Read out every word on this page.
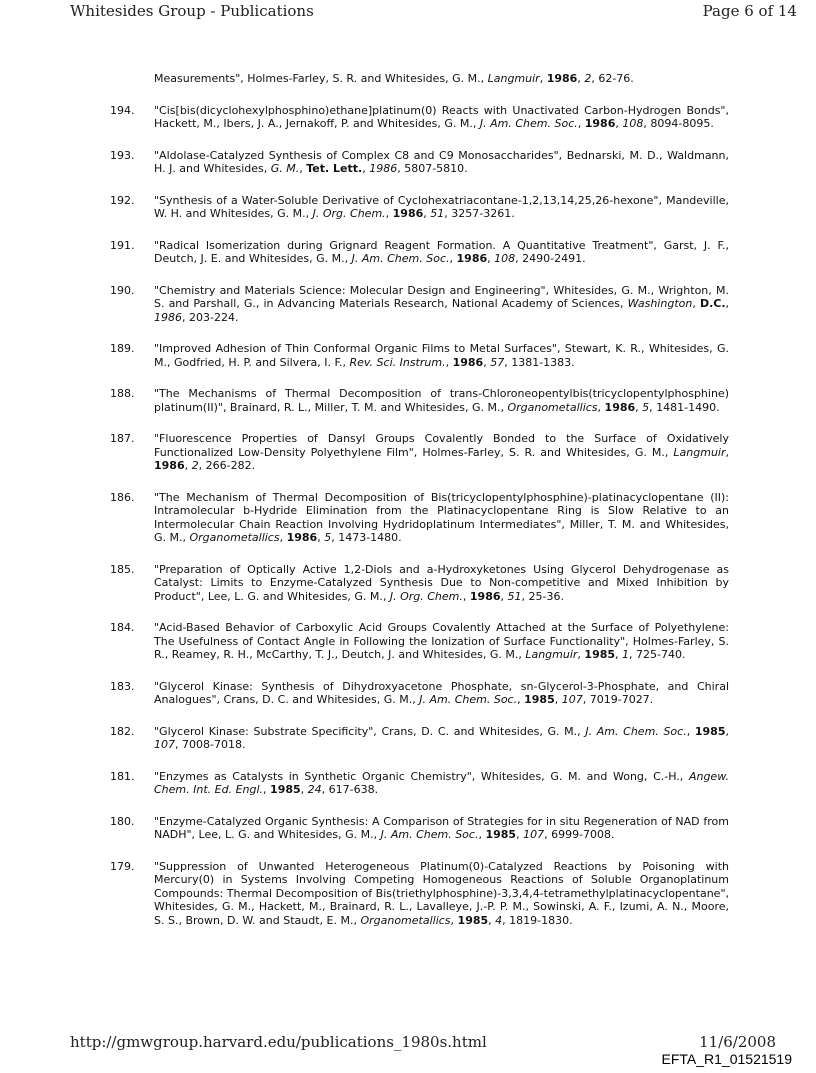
Whitesides Group - Publications	Page 6 of 14
Measurements", Holmes-Farley, S. R. and Whitesides, G. M., Langmuir, 1986, 2, 62-76.
194. "Cis[bis(dicyclohexylphosphino)ethane]platinum(0) Reacts with Unactivated Carbon-Hydrogen Bonds", Hackett, M., Ibers, J. A., Jernakoff, P. and Whitesides, G. M., J. Am. Chem. Soc., 1986, 108, 8094-8095.
193. "Aldolase-Catalyzed Synthesis of Complex C8 and C9 Monosaccharides", Bednarski, M. D., Waldmann, H. J. and Whitesides, G. M., Tet. Lett., 1986, 5807-5810.
192. "Synthesis of a Water-Soluble Derivative of Cyclohexatriacontane-1,2,13,14,25,26-hexone", Mandeville, W. H. and Whitesides, G. M., J. Org. Chem., 1986, 51, 3257-3261.
191. "Radical Isomerization during Grignard Reagent Formation. A Quantitative Treatment", Garst, J. F., Deutch, J. E. and Whitesides, G. M., J. Am. Chem. Soc., 1986, 108, 2490-2491.
190. "Chemistry and Materials Science: Molecular Design and Engineering", Whitesides, G. M., Wrighton, M. S. and Parshall, G., in Advancing Materials Research, National Academy of Sciences, Washington, D.C., 1986, 203-224.
189. "Improved Adhesion of Thin Conformal Organic Films to Metal Surfaces", Stewart, K. R., Whitesides, G. M., Godfried, H. P. and Silvera, I. F., Rev. Sci. Instrum., 1986, 57, 1381-1383.
188. "The Mechanisms of Thermal Decomposition of trans-Chloroneopentylbis(tricyclopentylphosphine) platinum(II)", Brainard, R. L., Miller, T. M. and Whitesides, G. M., Organometallics, 1986, 5, 1481-1490.
187. "Fluorescence Properties of Dansyl Groups Covalently Bonded to the Surface of Oxidatively Functionalized Low-Density Polyethylene Film", Holmes-Farley, S. R. and Whitesides, G. M., Langmuir, 1986, 2, 266-282.
186. "The Mechanism of Thermal Decomposition of Bis(tricyclopentylphosphine)-platinacyclopentane (II): Intramolecular b-Hydride Elimination from the Platinacyclopentane Ring is Slow Relative to an Intermolecular Chain Reaction Involving Hydridoplatinum Intermediates", Miller, T. M. and Whitesides, G. M., Organometallics, 1986, 5, 1473-1480.
185. "Preparation of Optically Active 1,2-Diols and a-Hydroxyketones Using Glycerol Dehydrogenase as Catalyst: Limits to Enzyme-Catalyzed Synthesis Due to Non-competitive and Mixed Inhibition by Product", Lee, L. G. and Whitesides, G. M., J. Org. Chem., 1986, 51, 25-36.
184. "Acid-Based Behavior of Carboxylic Acid Groups Covalently Attached at the Surface of Polyethylene: The Usefulness of Contact Angle in Following the Ionization of Surface Functionality", Holmes-Farley, S. R., Reamey, R. H., McCarthy, T. J., Deutch, J. and Whitesides, G. M., Langmuir, 1985, 1, 725-740.
183. "Glycerol Kinase: Synthesis of Dihydroxyacetone Phosphate, sn-Glycerol-3-Phosphate, and Chiral Analogues", Crans, D. C. and Whitesides, G. M., J. Am. Chem. Soc., 1985, 107, 7019-7027.
182. "Glycerol Kinase: Substrate Specificity", Crans, D. C. and Whitesides, G. M., J. Am. Chem. Soc., 1985, 107, 7008-7018.
181. "Enzymes as Catalysts in Synthetic Organic Chemistry", Whitesides, G. M. and Wong, C.-H., Angew. Chem. Int. Ed. Engl., 1985, 24, 617-638.
180. "Enzyme-Catalyzed Organic Synthesis: A Comparison of Strategies for in situ Regeneration of NAD from NADH", Lee, L. G. and Whitesides, G. M., J. Am. Chem. Soc., 1985, 107, 6999-7008.
179. "Suppression of Unwanted Heterogeneous Platinum(0)-Catalyzed Reactions by Poisoning with Mercury(0) in Systems Involving Competing Homogeneous Reactions of Soluble Organoplatinum Compounds: Thermal Decomposition of Bis(triethylphosphine)-3,3,4,4-tetramethylplatinacyclopentane", Whitesides, G. M., Hackett, M., Brainard, R. L., Lavalleye, J.-P. P. M., Sowinski, A. F., Izumi, A. N., Moore, S. S., Brown, D. W. and Staudt, E. M., Organometallics, 1985, 4, 1819-1830.
http://gmwgroup.harvard.edu/publications_1980s.html	11/6/2008
EFTA_R1_01521519
